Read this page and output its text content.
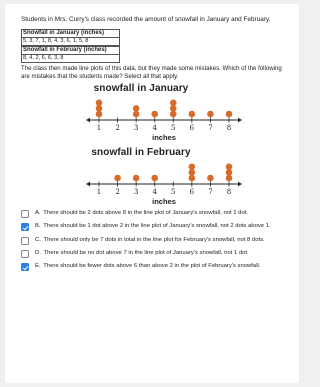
Students in Mrs. Curry's class recorded the amount of snowfall in January and February.
Snowfall in January (inches)
5, 3, 7, 1, 8, 4, 3, 6, 1, 5, 8
Snowfall in February (inches)
8, 4, 2, 6, 6, 3, 8
The class then made line plots of this data, but they made some mistakes. Which of the following are mistakes that the students made? Select all that apply.
snowfall in January
1 2 3 4 5 6 7 8
inches
snowfall in February
1 2 3 4 5 6 7 8
inches
A. There should be 2 dots above 8 in the line plot of January's snowfall, not 1 dot.
B. There should be 1 dot above 2 in the line plot of January's snowfall, not 2 dots above 1.
C. There should only be 7 dots in total in the line plot for February's snowfall, not 8 dots.
D. There should be no dot above 7 in the line plot of January's snowfall, not 1 dot.
E. There should be fewer dots above 6 than above 2 in the plot of February's snowfall.
